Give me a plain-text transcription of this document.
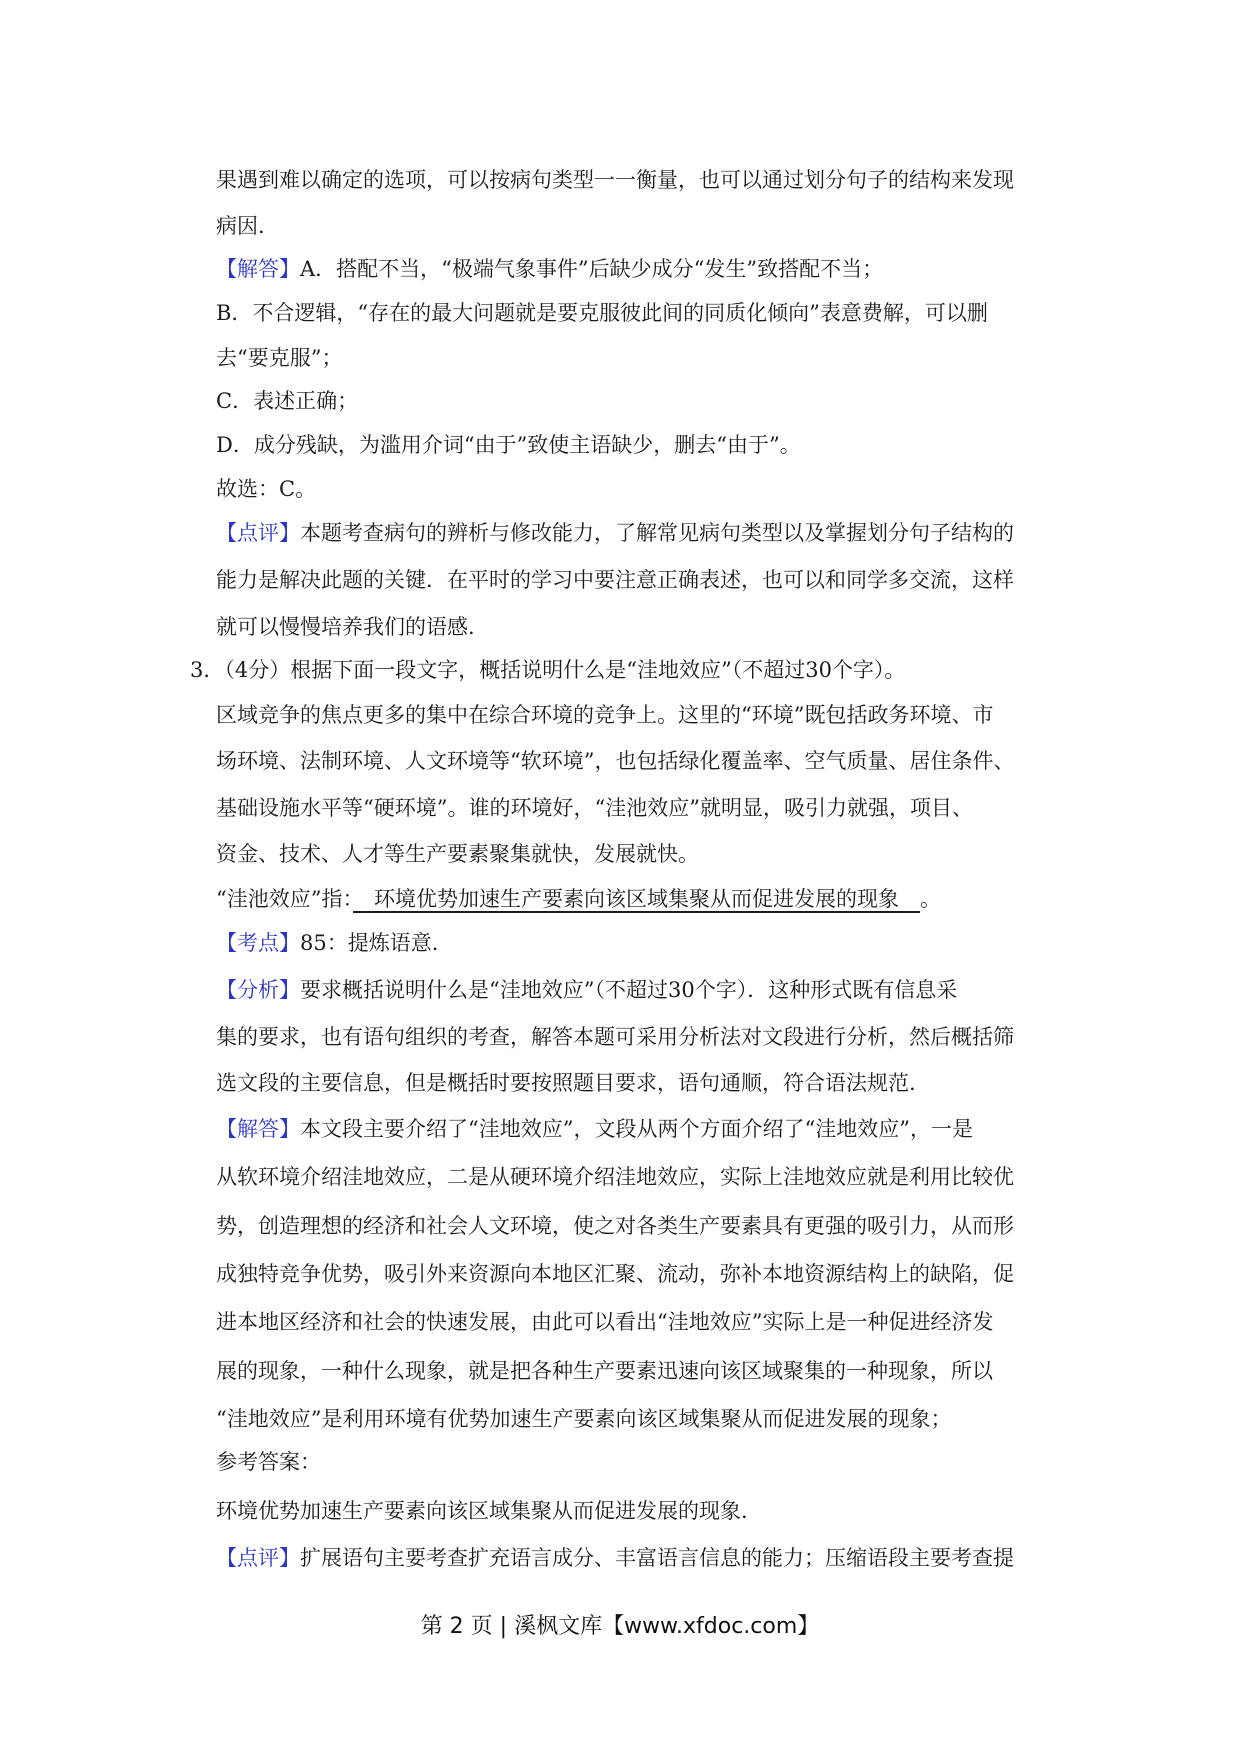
果遇到难以确定的选项，可以按病句类型一一衡量，也可以通过划分句子的结构来发现
病因.
【解答】A．搭配不当，“极端气象事件”后缺少成分“发生”致搭配不当；
B．不合逻辑，“存在的最大问题就是要克服彼此间的同质化倾向”表意费解，可以删
去“要克服”；
C．表述正确；
D．成分残缺，为滥用介词“由于”致使主语缺少，删去“由于”。
故选：C。
【点评】本题考查病句的辨析与修改能力，了解常见病句类型以及掌握划分句子结构的
能力是解决此题的关键．在平时的学习中要注意正确表述，也可以和同学多交流，这样
就可以慢慢培养我们的语感.
3．（4分）根据下面一段文字，概括说明什么是“洼地效应”（不超过30个字）。
区域竞争的焦点更多的集中在综合环境的竞争上。这里的“环境”既包括政务环境、市
场环境、法制环境、人文环境等“软环境”，也包括绿化覆盖率、空气质量、居住条件、
基础设施水平等“硬环境”。谁的环境好，“洼池效应”就明显，吸引力就强，项目、
资金、技术、人才等生产要素聚集就快，发展就快。
“洼池效应”指：　环境优势加速生产要素向该区域集聚从而促进发展的现象　。
【考点】85：提炼语意.
【分析】要求概括说明什么是“洼地效应”（不超过30个字）．这种形式既有信息采
集的要求，也有语句组织的考查，解答本题可采用分析法对文段进行分析，然后概括筛
选文段的主要信息，但是概括时要按照题目要求，语句通顺，符合语法规范.
【解答】本文段主要介绍了“洼地效应”，文段从两个方面介绍了“洼地效应”，一是
从软环境介绍洼地效应，二是从硬环境介绍洼地效应，实际上洼地效应就是利用比较优
势，创造理想的经济和社会人文环境，使之对各类生产要素具有更强的吸引力，从而形
成独特竞争优势，吸引外来资源向本地区汇聚、流动，弥补本地资源结构上的缺陷，促
进本地区经济和社会的快速发展，由此可以看出“洼地效应”实际上是一种促进经济发
展的现象，一种什么现象，就是把各种生产要素迅速向该区域聚集的一种现象，所以
“洼地效应”是利用环境有优势加速生产要素向该区域集聚从而促进发展的现象；
参考答案：
环境优势加速生产要素向该区域集聚从而促进发展的现象.
【点评】扩展语句主要考查扩充语言成分、丰富语言信息的能力；压缩语段主要考查提
第 2 页 | 溪枫文库【www.xfdoc.com】
